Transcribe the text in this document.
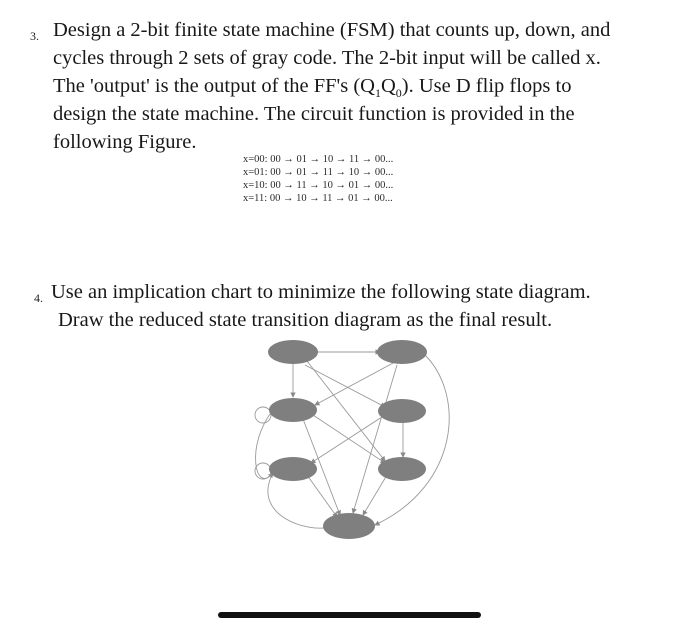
3. Design a 2-bit finite state machine (FSM) that counts up, down, and
cycles through 2 sets of gray code. The 2-bit input will be called x.
The 'output' is the output of the FF's $(Q_1Q_0)$. Use D flip flops to
design the state machine. The circuit function is provided in the
following Figure.
x=00: 00 → 01 → 10 → 11 → 00...
x=01: 00 → 01 → 11 → 10 → 00...
x=10: 00 → 11 → 10 → 01 → 00...
x=11: 00 → 10 → 11 → 01 → 00...
4. Use an implication chart to minimize the following state diagram.
Draw the reduced state transition diagram as the final result.
